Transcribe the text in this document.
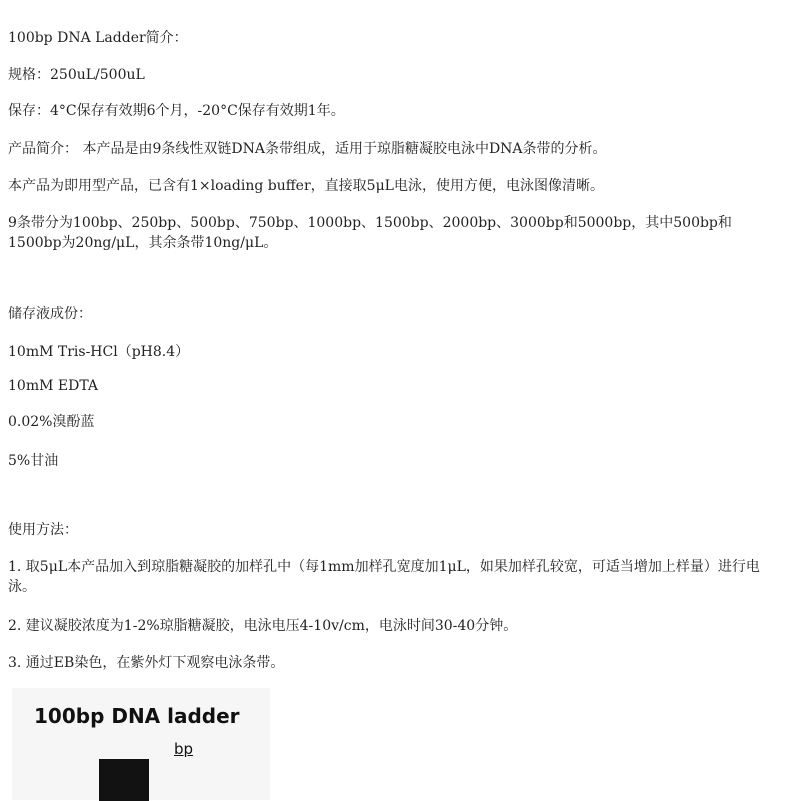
100bp DNA Ladder简介：

规格：250uL/500uL

保存：4°C保存有效期6个月，-20°C保存有效期1年。

产品简介： 本产品是由9条线性双链DNA条带组成，适用于琼脂糖凝胶电泳中DNA条带的分析。

本产品为即用型产品，已含有1×loading buffer，直接取5μL电泳，使用方便，电泳图像清晰。

9条带分为100bp、250bp、500bp、750bp、1000bp、1500bp、2000bp、3000bp和5000bp，其中500bp和1500bp为20ng/μL，其余条带10ng/μL。

储存液成份：

10mM Tris-HCl（pH8.4）

10mM EDTA

0.02%溴酚蓝

5%甘油

使用方法：

1. 取5μL本产品加入到琼脂糖凝胶的加样孔中（每1mm加样孔宽度加1μL，如果加样孔较宽，可适当增加上样量）进行电泳。

2. 建议凝胶浓度为1-2%琼脂糖凝胶，电泳电压4-10v/cm，电泳时间30-40分钟。

3. 通过EB染色，在紫外灯下观察电泳条带。

100bp DNA ladder
bp
